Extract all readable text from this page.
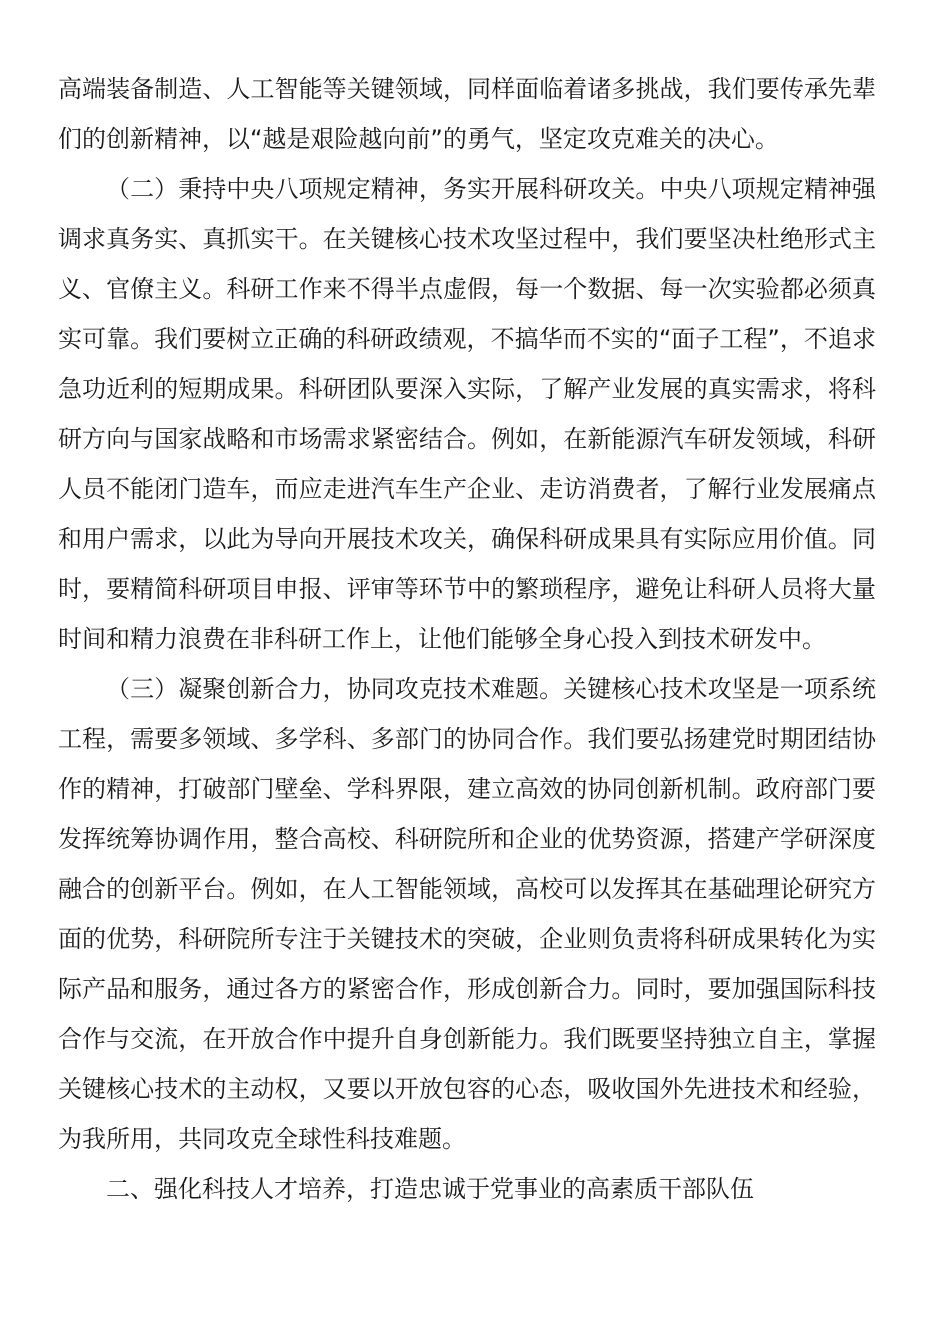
高端装备制造、人工智能等关键领域，同样面临着诸多挑战，我们要传承先辈们的创新精神，以“越是艰险越向前”的勇气，坚定攻克难关的决心。

（二）秉持中央八项规定精神，务实开展科研攻关。中央八项规定精神强调求真务实、真抓实干。在关键核心技术攻坚过程中，我们要坚决杜绝形式主义、官僚主义。科研工作来不得半点虚假，每一个数据、每一次实验都必须真实可靠。我们要树立正确的科研政绩观，不搞华而不实的“面子工程”，不追求急功近利的短期成果。科研团队要深入实际，了解产业发展的真实需求，将科研方向与国家战略和市场需求紧密结合。例如，在新能源汽车研发领域，科研人员不能闭门造车，而应走进汽车生产企业、走访消费者，了解行业发展痛点和用户需求，以此为导向开展技术攻关，确保科研成果具有实际应用价值。同时，要精简科研项目申报、评审等环节中的繁琐程序，避免让科研人员将大量时间和精力浪费在非科研工作上，让他们能够全身心投入到技术研发中。

（三）凝聚创新合力，协同攻克技术难题。关键核心技术攻坚是一项系统工程，需要多领域、多学科、多部门的协同合作。我们要弘扬建党时期团结协作的精神，打破部门壁垒、学科界限，建立高效的协同创新机制。政府部门要发挥统筹协调作用，整合高校、科研院所和企业的优势资源，搭建产学研深度融合的创新平台。例如，在人工智能领域，高校可以发挥其在基础理论研究方面的优势，科研院所专注于关键技术的突破，企业则负责将科研成果转化为实际产品和服务，通过各方的紧密合作，形成创新合力。同时，要加强国际科技合作与交流，在开放合作中提升自身创新能力。我们既要坚持独立自主，掌握关键核心技术的主动权，又要以开放包容的心态，吸收国外先进技术和经验，为我所用，共同攻克全球性科技难题。

二、强化科技人才培养，打造忠诚于党事业的高素质干部队伍
